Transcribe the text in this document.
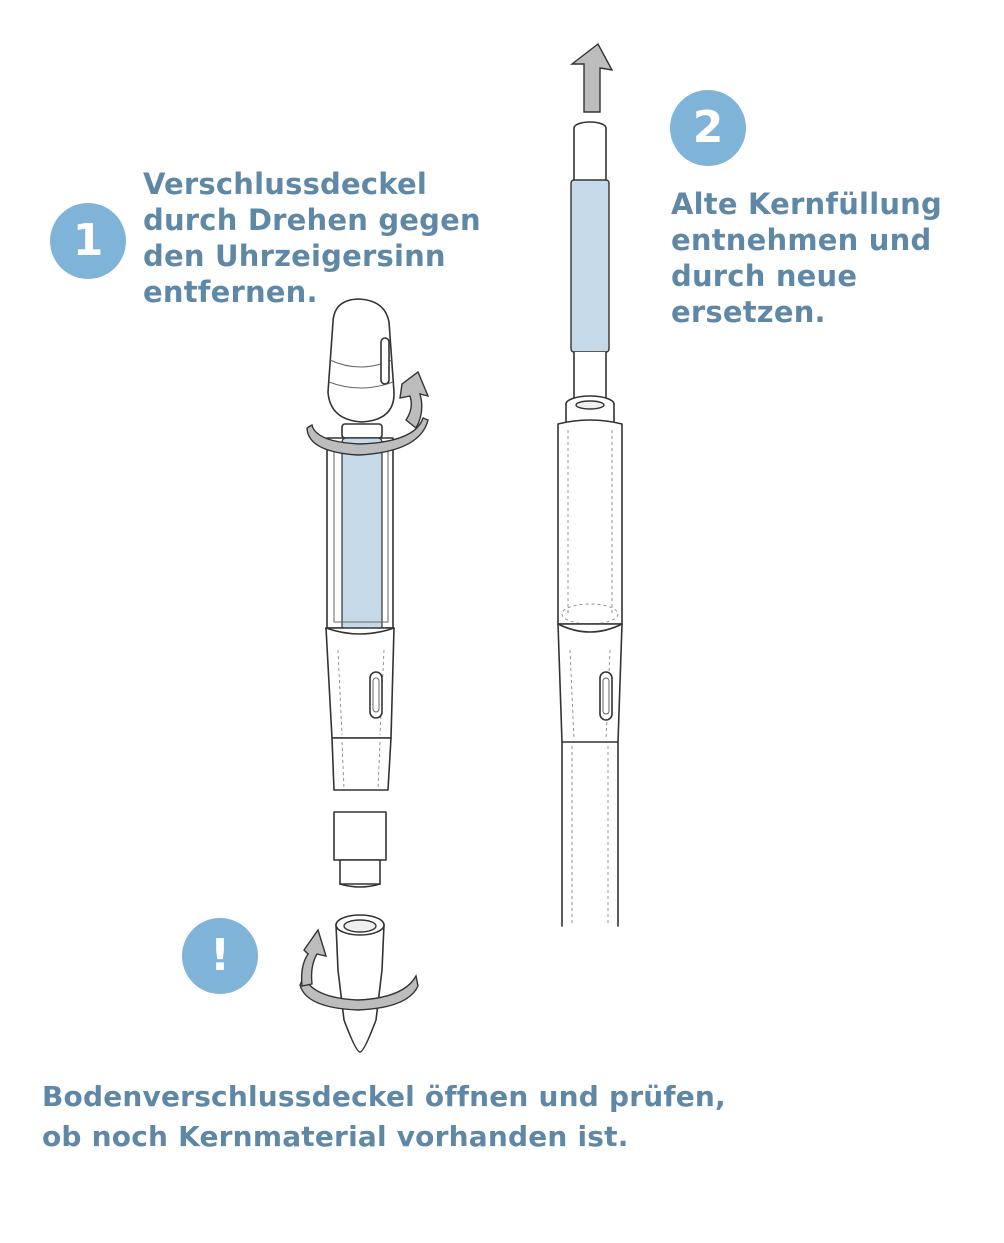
1
Verschlussdeckel
durch Drehen gegen
den Uhrzeigersinn
entfernen.
2
Alte Kernfüllung
entnehmen und
durch neue
ersetzen.
!
Bodenverschlussdeckel öffnen und prüfen,
ob noch Kernmaterial vorhanden ist.
